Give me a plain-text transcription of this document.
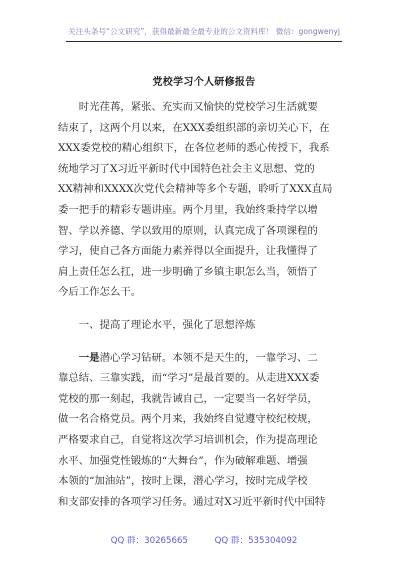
关注头条号“公文研究”，获得最新最全最专业的公文资料库！ 微信：gongwenyj
党校学习个人研修报告
　　时光荏苒，紧张、充实而又愉快的党校学习生活就要
结束了，这两个月以来，在XXX委组织部的亲切关心下，在
XXX委党校的精心组织下，在各位老师的悉心传授下，我系
统地学习了X习近平新时代中国特色社会主义思想、党的
XX精神和XXXX次党代会精神等多个专题，聆听了XXX直局
委一把手的精彩专题讲座。两个月里，我始终秉持学以增
智、学以养德、学以致用的原则，认真完成了各项课程的
学习，使自己各方面能力素养得以全面提升，让我懂得了
肩上责任怎么扛，进一步明确了乡镇主职怎么当，领悟了
今后工作怎么干。
　　一、提高了理论水平，强化了思想淬炼
　　一是潜心学习钻研。本领不是天生的，一靠学习、二
靠总结、三靠实践，而“学习”是最首要的。从走进XXX委
党校的那一刻起，我就告诫自己，一定要当一名好学员，
做一名合格党员。两个月来，我始终自觉遵守校纪校规，
严格要求自己，自觉将这次学习培训机会，作为提高理论
水平、加强党性锻炼的“大舞台”，作为破解难题、增强
本领的“加油站”，按时上课，潜心学习，按时完成学校
和支部安排的各项学习任务。通过对X习近平新时代中国特
QQ 群：30265665	QQ 群：535304092
